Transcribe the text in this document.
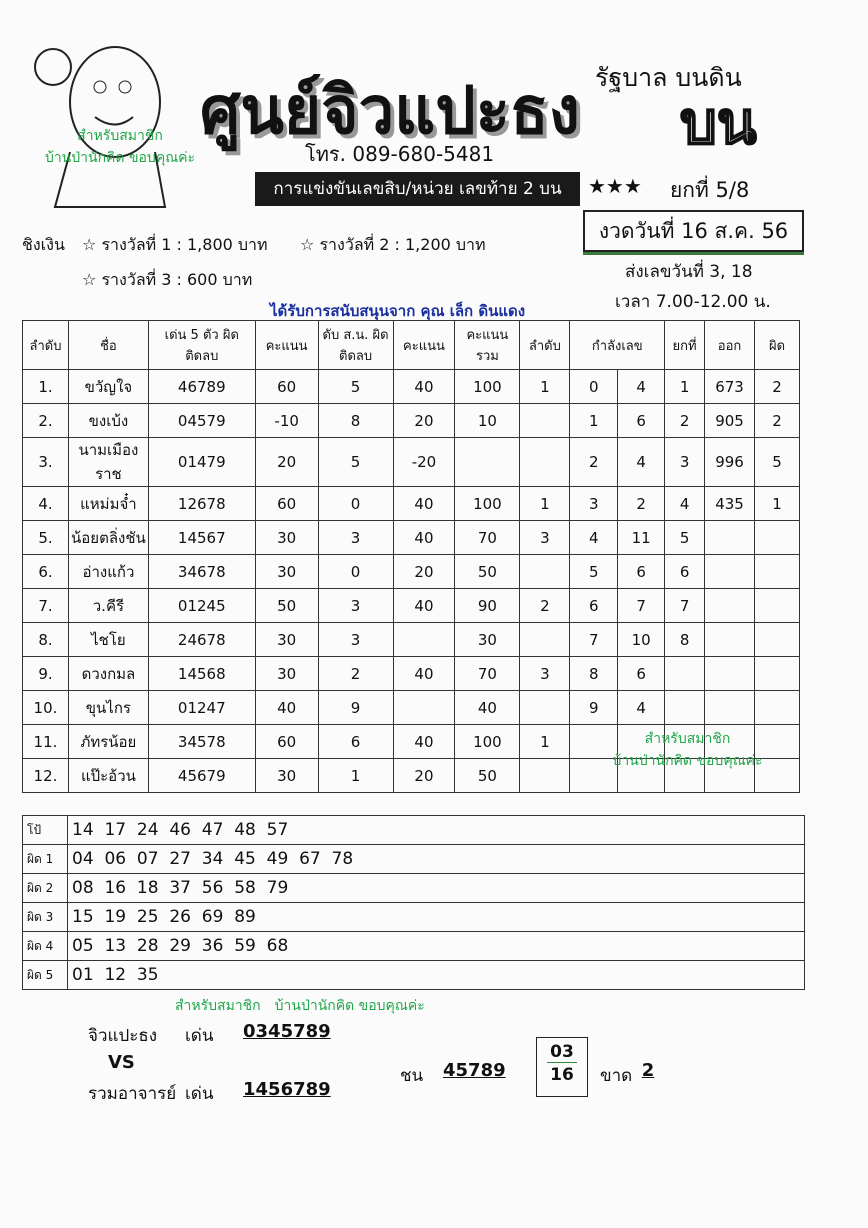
สำหรับสมาชิก
บ้านป่านักคิด ขอบคุณค่ะ
ศูนย์จิวแปะธง
โทร. 089-680-5481
รัฐบาล บนดิน
บน
การแข่งขันเลขสิบ/หน่วย เลขท้าย 2 บน	★★★ ยกที่ 5/8
งวดวันที่ 16 ส.ค. 56
ส่งเลขวันที่ 3, 18
เวลา 7.00-12.00 น.
ชิงเงิน ☆ รางวัลที่ 1 : 1,800 บาท ☆ รางวัลที่ 2 : 1,200 บาท
☆ รางวัลที่ 3 : 600 บาท
ได้รับการสนับสนุนจาก คุณ เล็ก ดินแดง
ลำดับ	ชื่อ	เด่น 5 ตัว ผิดติดลบ	คะแนน	ดับ ส.น. ผิดติดลบ	คะแนน	คะแนน รวม	ลำดับ	กำลังเลข		ยกที่	ออก	ผิด
1.	ขวัญใจ	46789	60	5	40	100	1	0	4	1	673	2
2.	ขงเบ้ง	04579	-10	8	20	10		1	6	2	905	2
3.	นามเมืองราช	01479	20	5	-20			2	4	3	996	5
4.	แหม่มจ๋ำ	12678	60	0	40	100	1	3	2	4	435	1
5.	น้อยตลิ่งชัน	14567	30	3	40	70	3	4	11	5		
6.	อ่างแก้ว	34678	30	0	20	50		5	6	6		
7.	ว.คีรี	01245	50	3	40	90	2	6	7	7		
8.	ไชโย	24678	30	3		30		7	10	8		
9.	ดวงกมล	14568	30	2	40	70	3	8	6			
10.	ขุนไกร	01247	40	9		40		9	4			
11.	ภัทรน้อย	34578	60	6	40	100	1					
12.	แป๊ะอ้วน	45679	30	1	20	50						
สำหรับสมาชิก
บ้านป่านักคิด ขอบคุณค่ะ
โป้	14  17  24  46  47  48  57
ผิด 1	04  06  07  27  34  45  49  67  78
ผิด 2	08  16  18  37  56  58  79
ผิด 3	15  19  25  26  69  89
ผิด 4	05  13  28  29  36  59  68
ผิด 5	01  12  35
สำหรับสมาชิก บ้านป่านักคิด ขอบคุณค่ะ
จิวแปะธง เด่น 0345789
VS
รวมอาจารย์ เด่น 1456789
ชน $45789 \frac{03}{16}$ ขาด 2
